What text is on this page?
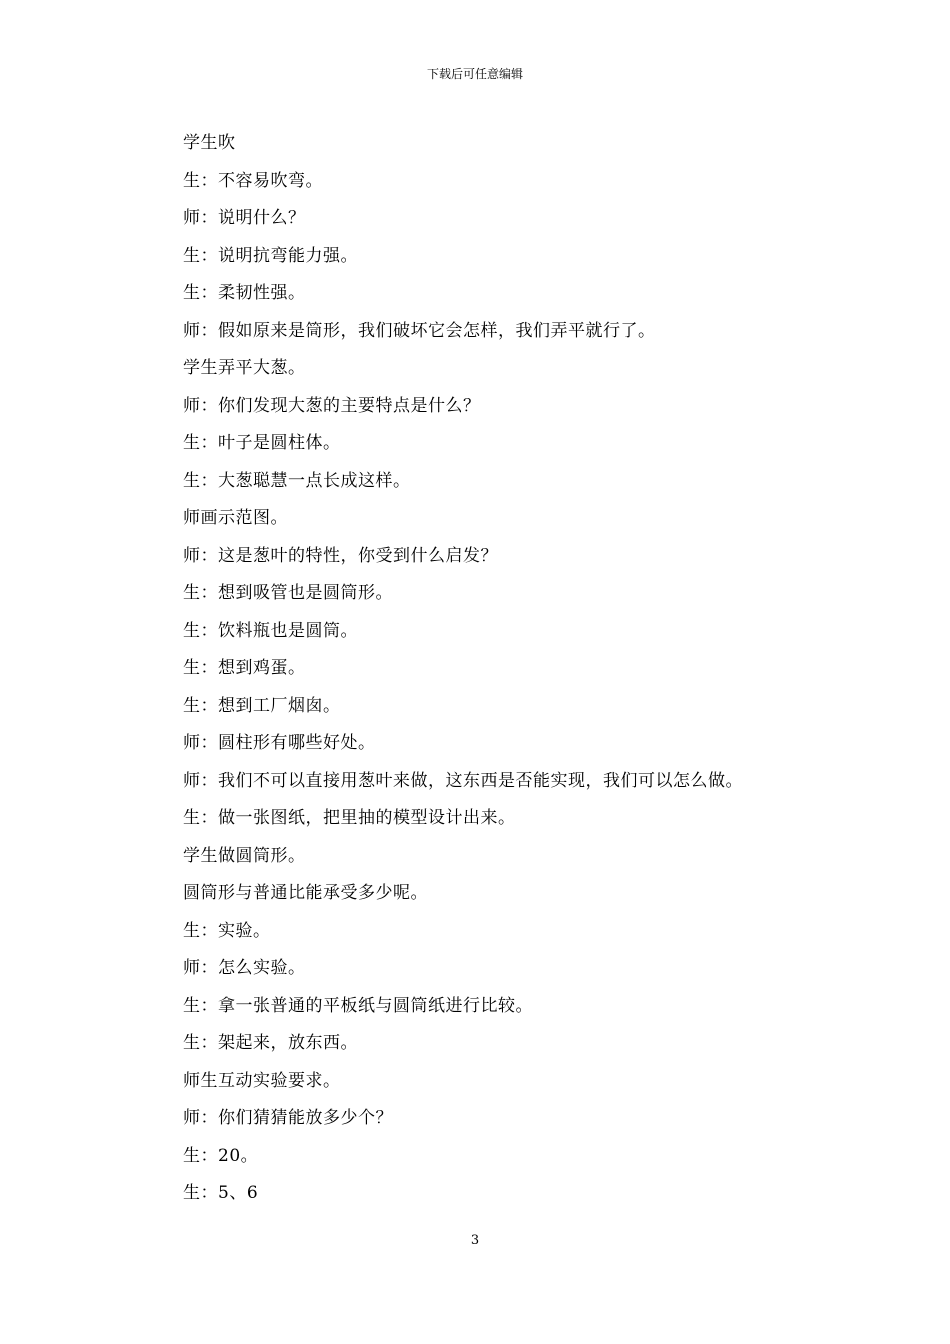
下载后可任意编辑
学生吹
生：不容易吹弯。
师：说明什么？
生：说明抗弯能力强。
生：柔韧性强。
师：假如原来是筒形，我们破坏它会怎样，我们弄平就行了。
学生弄平大葱。
师：你们发现大葱的主要特点是什么？
生：叶子是圆柱体。
生：大葱聪慧一点长成这样。
师画示范图。
师：这是葱叶的特性，你受到什么启发？
生：想到吸管也是圆筒形。
生：饮料瓶也是圆筒。
生：想到鸡蛋。
生：想到工厂烟囱。
师：圆柱形有哪些好处。
师：我们不可以直接用葱叶来做，这东西是否能实现，我们可以怎么做。
生：做一张图纸，把里抽的模型设计出来。
学生做圆筒形。
圆筒形与普通比能承受多少呢。
生：实验。
师：怎么实验。
生：拿一张普通的平板纸与圆筒纸进行比较。
生：架起来，放东西。
师生互动实验要求。
师：你们猜猜能放多少个？
生：20。
生：5、6
3
